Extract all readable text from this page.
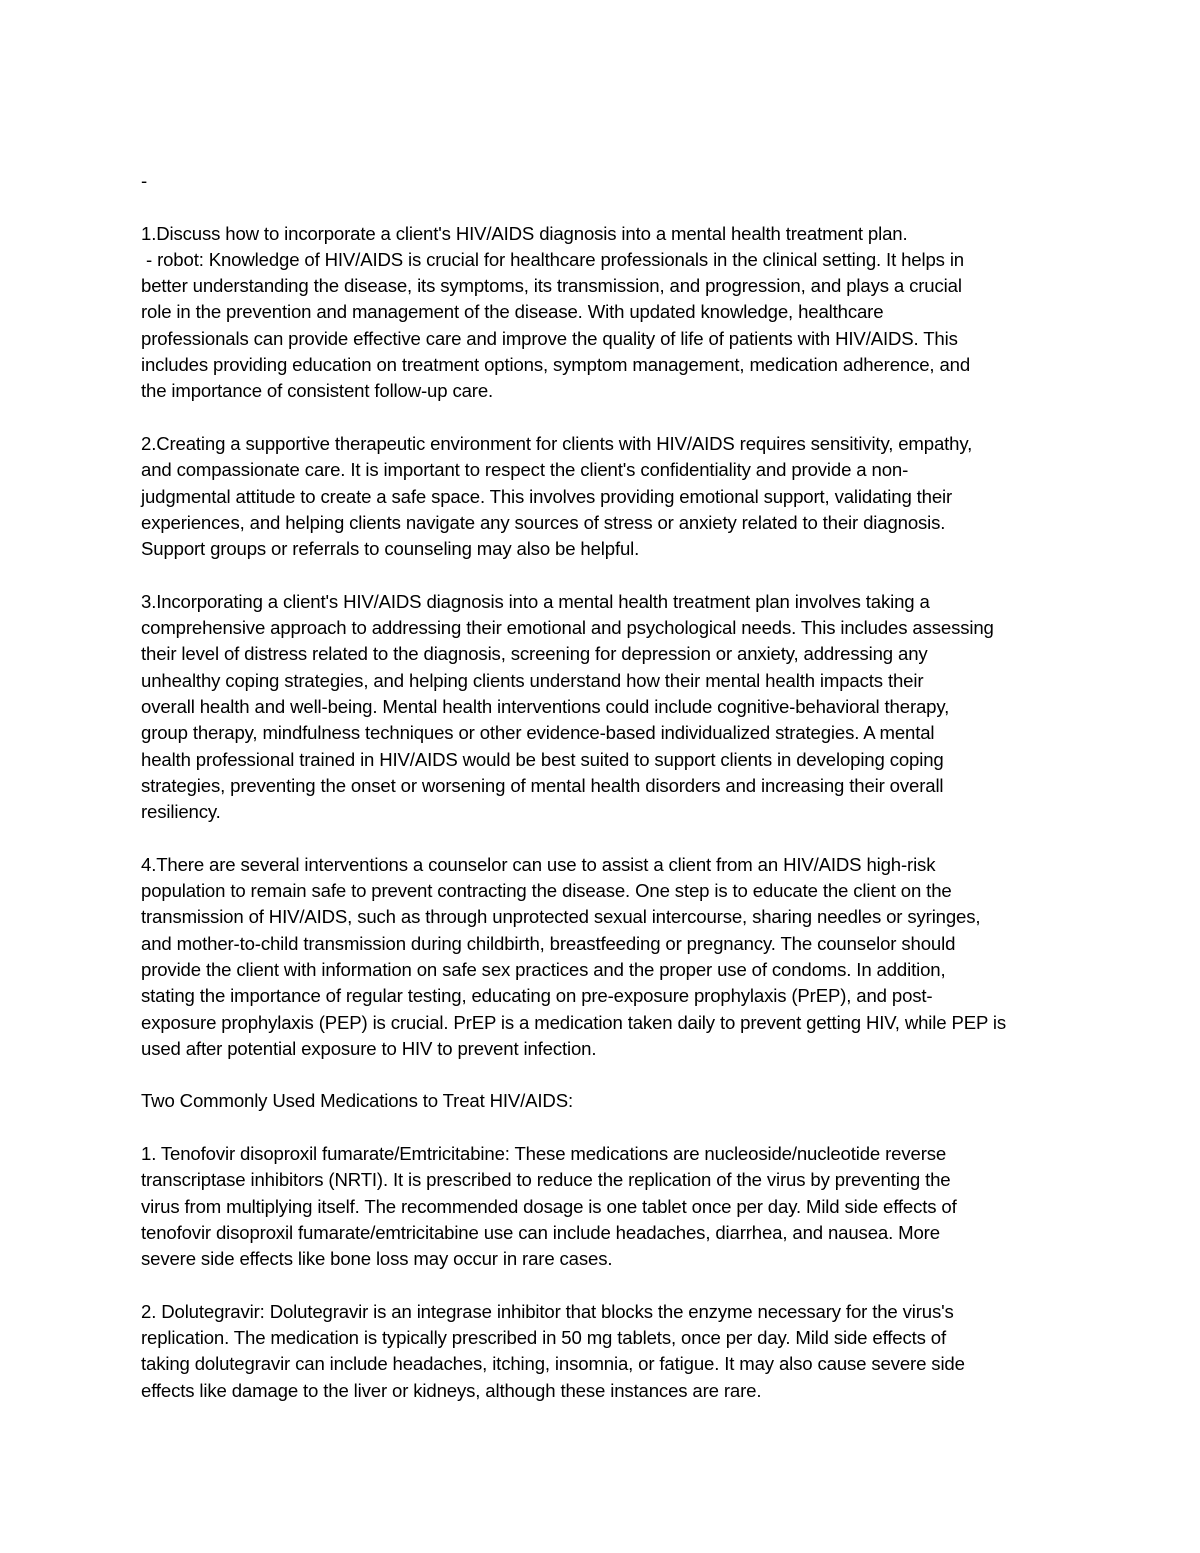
-

1.Discuss how to incorporate a client's HIV/AIDS diagnosis into a mental health treatment plan.

- robot: Knowledge of HIV/AIDS is crucial for healthcare professionals in the clinical setting. It helps in

better understanding the disease, its symptoms, its transmission, and progression, and plays a crucial

role in the prevention and management of the disease. With updated knowledge, healthcare

professionals can provide effective care and improve the quality of life of patients with HIV/AIDS. This

includes providing education on treatment options, symptom management, medication adherence, and

the importance of consistent follow-up care.

2.Creating a supportive therapeutic environment for clients with HIV/AIDS requires sensitivity, empathy,

and compassionate care. It is important to respect the client's confidentiality and provide a non-

judgmental attitude to create a safe space. This involves providing emotional support, validating their

experiences, and helping clients navigate any sources of stress or anxiety related to their diagnosis.

Support groups or referrals to counseling may also be helpful.

3.Incorporating a client's HIV/AIDS diagnosis into a mental health treatment plan involves taking a

comprehensive approach to addressing their emotional and psychological needs. This includes assessing

their level of distress related to the diagnosis, screening for depression or anxiety, addressing any

unhealthy coping strategies, and helping clients understand how their mental health impacts their

overall health and well-being. Mental health interventions could include cognitive-behavioral therapy,

group therapy, mindfulness techniques or other evidence-based individualized strategies. A mental

health professional trained in HIV/AIDS would be best suited to support clients in developing coping

strategies, preventing the onset or worsening of mental health disorders and increasing their overall

resiliency.

4.There are several interventions a counselor can use to assist a client from an HIV/AIDS high-risk

population to remain safe to prevent contracting the disease. One step is to educate the client on the

transmission of HIV/AIDS, such as through unprotected sexual intercourse, sharing needles or syringes,

and mother-to-child transmission during childbirth, breastfeeding or pregnancy. The counselor should

provide the client with information on safe sex practices and the proper use of condoms. In addition,

stating the importance of regular testing, educating on pre-exposure prophylaxis (PrEP), and post-

exposure prophylaxis (PEP) is crucial. PrEP is a medication taken daily to prevent getting HIV, while PEP is

used after potential exposure to HIV to prevent infection.

Two Commonly Used Medications to Treat HIV/AIDS:

1. Tenofovir disoproxil fumarate/Emtricitabine: These medications are nucleoside/nucleotide reverse

transcriptase inhibitors (NRTI). It is prescribed to reduce the replication of the virus by preventing the

virus from multiplying itself. The recommended dosage is one tablet once per day. Mild side effects of

tenofovir disoproxil fumarate/emtricitabine use can include headaches, diarrhea, and nausea. More

severe side effects like bone loss may occur in rare cases.

2. Dolutegravir: Dolutegravir is an integrase inhibitor that blocks the enzyme necessary for the virus's

replication. The medication is typically prescribed in 50 mg tablets, once per day. Mild side effects of

taking dolutegravir can include headaches, itching, insomnia, or fatigue. It may also cause severe side

effects like damage to the liver or kidneys, although these instances are rare.
